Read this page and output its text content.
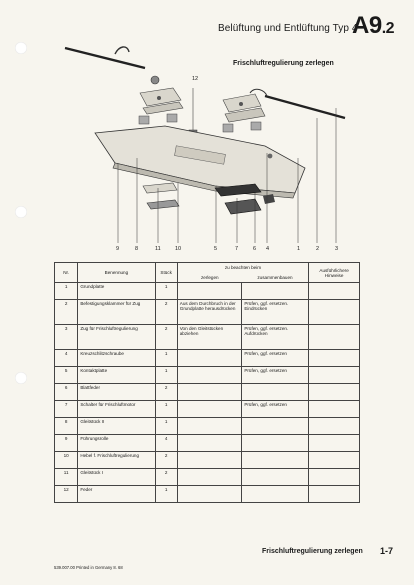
Belüftung und Entlüftung Typ 4
A9.2
Frischluftregulierung zerlegen
12
9	8	11	10	5	7	6 4	1	2	3
Nr.	Benennung	Stück	zu beachten beim		Ausführlichere Hinweise
			zerlegen	zusammenbauen	
1	Grundplatte	1			
2	Befestigungsklammer für Zug	2	Aus dem Durchbruch in der Grundplatte herausdrücken	Prüfen, ggf. ersetzen. Eindrücken	
3	Zug für Frischluftregulierung	2	Von den Gleitstücken abziehen	Prüfen, ggf. ersetzen. Aufdrücken	
4	Kreuzschlitzschraube	1		Prüfen, ggf. ersetzen	
5	Kontaktplatte	1		Prüfen, ggf. ersetzen	
6	Blattfeder	2			
7	Schalter für Frischluftmotor	1		Prüfen, ggf. ersetzen	
8	Gleitstück II	1			
9	Führungsrolle	4			
10	Hebel f. Frischluftregulierung	2			
11	Gleitstück I	2			
12	Feder	1			
Frischluftregulierung zerlegen 1-7
539.007.00 Printed in Germany 8. 68
